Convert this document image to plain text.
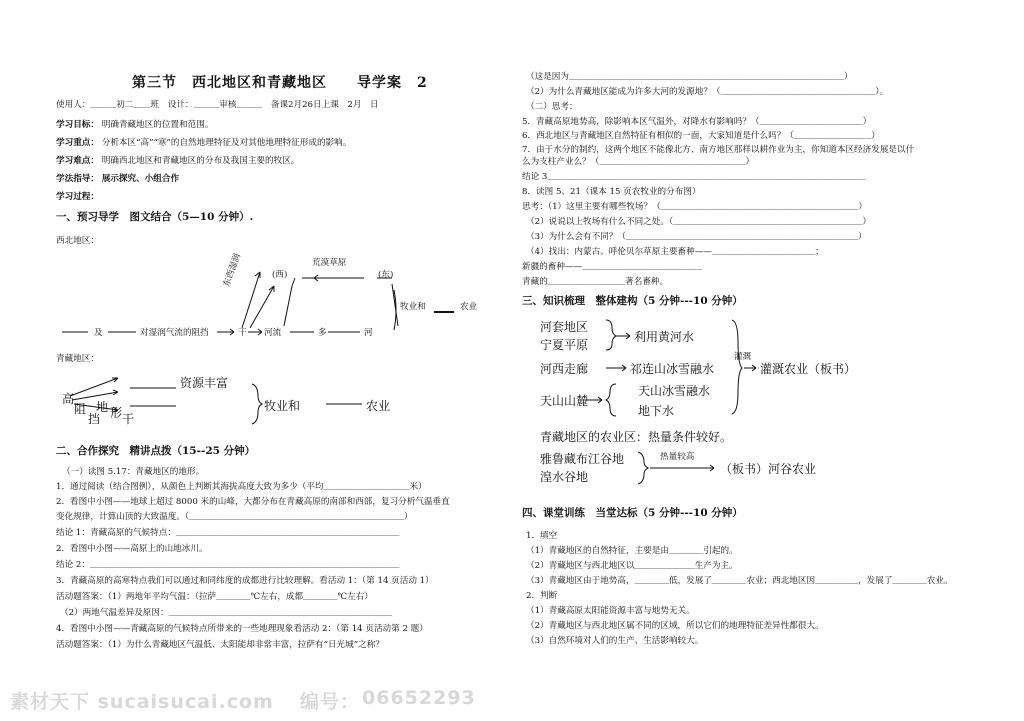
第三节　西北地区和青藏地区　　导学案　2
使用人：＿＿＿初二＿＿班　设计：＿＿＿审核＿＿＿　备课2月26日上课　2月　日
学习目标： 明确青藏地区的位置和范围。
学习重点： 分析本区“高”“寒”的自然地理特征及对其他地理特征形成的影响。
学习难点： 明确西北地区和青藏地区的分布及我国主要的牧区。
学法指导： 展示探究、小组合作
学习过程：
一、预习导学　图文结合（5—10 分钟）.
西北地区：
东西湿润	(西)
荒漠草原
(东)
牧业和	农业
及	对湿润气流的阻挡	干 河流	多	河
青藏地区：
高
阻
挡
地 形
资源丰富
干
牧业和	农业
二、合作探究　精讲点拨（15--25 分钟）
（一）读图 5.17：青藏地区的地形。
1．通过阅读（结合图例），从颜色上判断其海拔高度大致为多少（平均＿＿＿＿＿＿＿＿＿＿米）
2．看图中小图——地球上超过 8000 米的山峰，大都分布在青藏高原的南部和西部，复习分析气温垂直
变化规律，计算山顶的大致温度。（＿＿＿＿＿＿＿＿＿＿＿＿＿＿＿＿＿＿＿＿＿＿＿＿＿）
结论 1：青藏高原的气候特点：＿＿＿＿＿＿＿＿＿＿＿＿＿＿＿＿＿＿＿＿＿＿＿＿＿＿
2．看图中小图——高原上的山地冰川。
结论 2：＿＿＿＿＿＿＿＿＿＿＿＿＿＿＿＿＿＿＿＿＿＿＿＿＿＿＿＿＿＿＿＿＿＿＿＿
3．青藏高原的高寒特点我们可以通过和同纬度的成都进行比较理解。看活动 1：（第 14 页活动 1）
活动题答案：（1）两地年平均气温：（拉萨＿＿＿＿℃左右，成都＿＿＿＿℃左右）
（2）两地气温差异及原因：＿＿＿＿＿＿＿＿＿＿＿＿＿＿＿＿＿＿＿＿＿＿＿＿＿＿
4．看图中小图——青藏高原的气候特点所带来的一些地理现象看活动 2：（第 14 页活动第 2 题）
活动题答案：（1）为什么青藏地区气温低、太阳能却非常丰富，拉萨有“日光城”之称？
（这是因为＿＿＿＿＿＿＿＿＿＿＿＿＿＿＿＿＿＿＿＿＿＿＿＿＿＿＿＿＿＿＿＿）
（2）为什么青藏地区能成为许多大河的发源地？（＿＿＿＿＿＿＿＿＿＿＿＿＿＿＿＿＿＿）。
（二）思考：
5．青藏高原地势高，除影响本区气温外，对降水有影响吗？（＿＿＿＿＿＿＿＿＿＿＿＿）
6．西北地区与青藏地区自然特征有相似的一面，大家知道是什么吗？（＿＿＿＿＿＿＿＿＿）
7．由于水分的制约，这两个地区不能像北方、南方地区那样以耕作业为主，你知道本区经济发展是以什
么为支柱产业么？（＿＿＿＿＿＿＿＿＿＿＿＿＿＿＿＿＿）
结论 3＿＿＿＿＿＿＿＿＿＿＿＿＿＿＿＿＿＿＿＿＿＿＿＿＿＿＿＿＿＿＿＿＿＿＿＿＿
8．读图 5、21（课本 15 页农牧业的分布图）
思考：（1）这里主要有哪些牧场？（＿＿＿＿＿＿＿＿＿＿＿＿＿＿＿＿＿＿＿＿＿＿＿）
（2）说说以上牧场有什么不同之处。（＿＿＿＿＿＿＿＿＿＿＿＿＿＿＿＿＿＿＿＿＿＿）
（3）为什么会有不同？（＿＿＿＿＿＿＿＿＿＿＿＿＿＿＿＿＿＿＿＿＿＿＿＿＿＿＿）
（4）找出：内蒙古、呼伦贝尔草原主要畜种——＿＿＿＿＿＿＿＿＿＿＿＿；
新疆的畜种——＿＿＿＿＿＿＿＿＿＿＿＿＿＿
青藏的＿＿＿＿＿＿＿＿＿著名畜种。
三、知识梳理　整体建构（5 分钟---10 分钟）
河套地区
宁夏平原
利用黄河水
河西走廊	祁连山冰雪融水
灌溉
灌溉农业（板书）
天山山麓
天山冰雪融水
地下水
青藏地区的农业区：热量条件较好。
雅鲁藏布江谷地
湟水谷地
热量较高
（板书）河谷农业
四、课堂训练　当堂达标（5 分钟---10 分钟）
1．填空
（1）青藏地区的自然特征，主要是由＿＿＿＿引起的。
（2）青藏地区与西北地区以＿＿＿＿＿＿＿生产为主。
（3）青藏地区由于地势高，＿＿＿＿低，发展了＿＿＿＿农业；西北地区因＿＿＿＿＿，发展了＿＿＿＿农业。
2．判断
（1）青藏高原太阳能资源丰富与地势无关。
（2）青藏地区与西北地区属不同的区域，所以它们的地理特征差异性都很大。
（3）自然环境对人们的生产、生活影响较大。
素材天下 sucaisucai.com 编号： 06652293
